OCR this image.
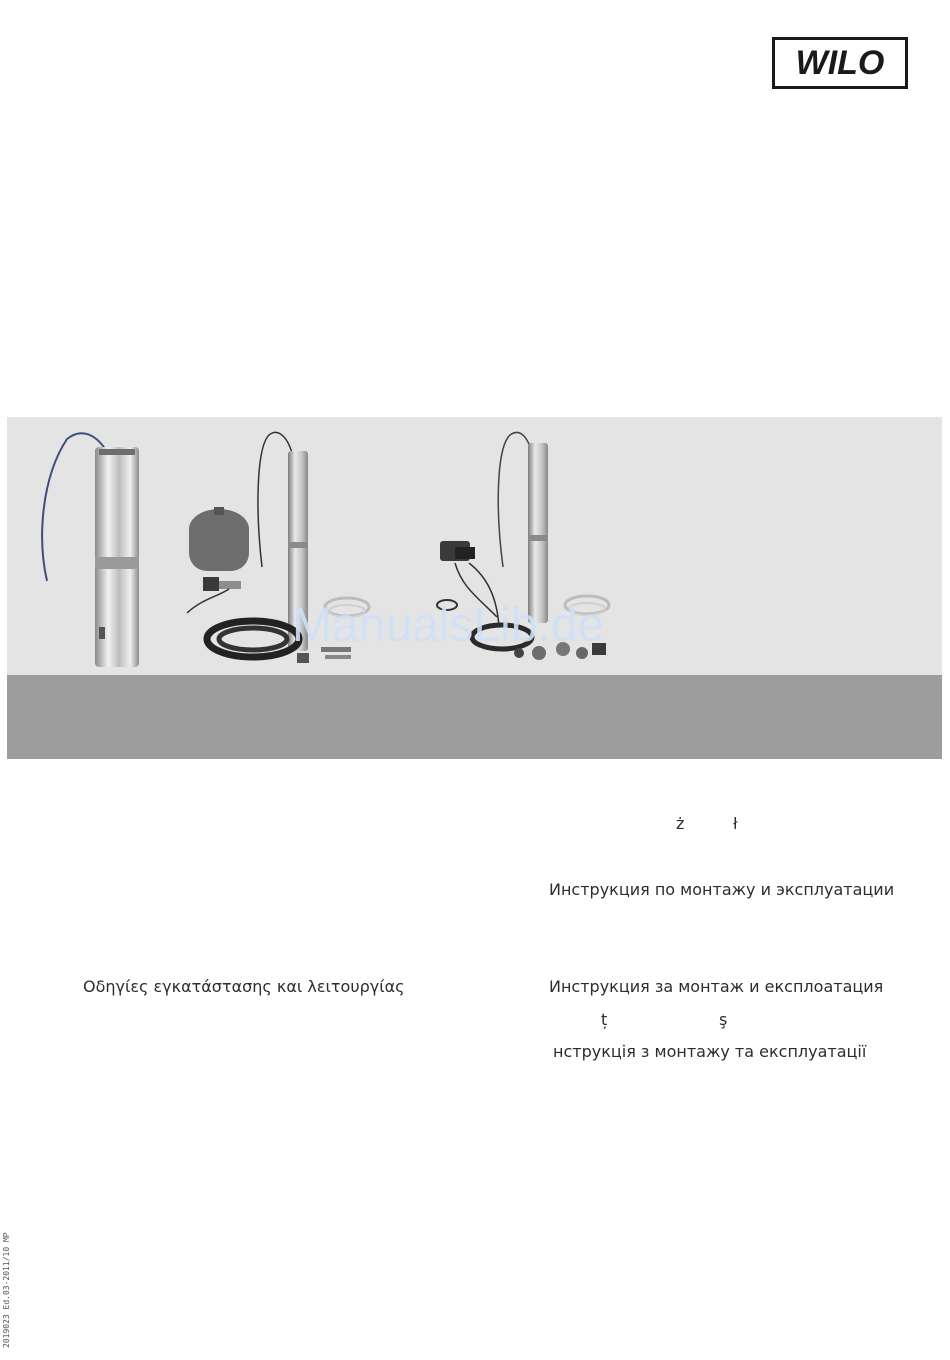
WILO
ManualsLib.de
ż	ł
Инструкция по монтажу и эксплуатации
Οδηγίες εγκατάστασης και λειτουργίας	Инструкция за монтаж и експлоатация
ț	ş
нструкція з монтажу та експлуатації
2019023 Ed.03-2011/10 MP
